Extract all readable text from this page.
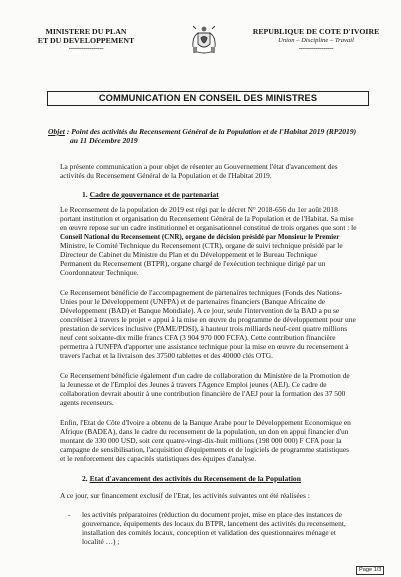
MINISTERE DU PLAN
ET DU DEVELOPPEMENT
-----------------
REPUBLIQUE DE COTE D'IVOIRE
Union – Discipline – Travail
-----------------
COMMUNICATION EN CONSEIL DES MINISTRES
Objet : Point des activités du Recensement Général de la Population et de l'Habitat 2019 (RP2019)
au 11 Décembre 2019
La présente communication a pour objet de résenter au Gouvernement l'état d'avancement des
activités du Recensement Général de la Population et de l'Habitat 2019.
1. Cadre de gouvernance et de partenariat
Le Recensement de la population de 2019 est régi par le décret N° 2018-656 du 1er août 2018
portant institution et organisation du Recensement Général de la Population et de l'Habitat. Sa mise
en œuvre repose sur un cadre institutionnel et organisationnel constitué de trois organes que sont : le
Conseil National du Recensement (CNR), organe de décision présidé par Monsieur le Premier
Ministre, le Comité Technique du Recensement (CTR), organe de suivi technique présidé par le
Directeur de Cabinet du Ministre du Plan et du Développement et le Bureau Technique
Permanent du Recensement (BTPR), organe chargé de l'exécution technique dirigé par un
Coordonnateur Technique.
Ce Recensement bénéficie de l'accompagnement de partenaires techniques (Fonds des Nations-
Unies pour le Développement (UNFPA) et de partenaires financiers (Banque Africaine de
Développement (BAD) et Banque Mondiale). A ce jour, seule l'intervention de la BAD a pu se
concrétiser à travers le projet « appui à la mise en œuvre du programme de développement pour une
prestation de services inclusive (PAME/PDSI), à hauteur trois milliards neuf-cent quatre millions
neuf cent soixante-dix mille francs CFA (3 904 970 000 FCFA). Cette contribution financière
permettra à l'UNFPA d'apporter une assistance technique pour la mise en œuvre du recensement à
travers l'achat et la livraison des 37500 tablettes et des 40000 clés OTG.
Ce Recensement bénéficie également d'un cadre de collaboration du Ministère de la Promotion de
la Jeunesse et de l'Emploi des Jeunes à travers l'Agence Emploi jeunes (AEJ). Ce cadre de
collaboration devrait aboutir à une contribution financière de l'AEJ pour la formation des 37 500
agents recenseurs.
Enfin, l'Etat de Côte d'Ivoire a obtenu de la Banque Arabe pour le Développement Economique en
Afrique (BADEA), dans le cadre du recensement de la population, un don en appui financier d'un
montant de 330 000 USD, soit cent quatre-vingt-dix-huit millions (198 000 000) F CFA pour la
campagne de sensibilisation, l'acquisition d'équipements et de logiciels de programme statistiques
et le renforcement des capacités statistiques des équipes d'analyse.
2. Etat d'avancement des activités du Recensement de la Population
A ce jour, sur financement exclusif de l'Etat, les activités suivantes ont été réalisées :
- les activités préparatoires (réduction du document projet, mise en place des instances de
gouvernance, équipements des locaux du BTPR, lancement des activités du recensement,
installation des comités locaux, conception et validation des questionnaires ménage et
localité …) ;
Page 1/3
